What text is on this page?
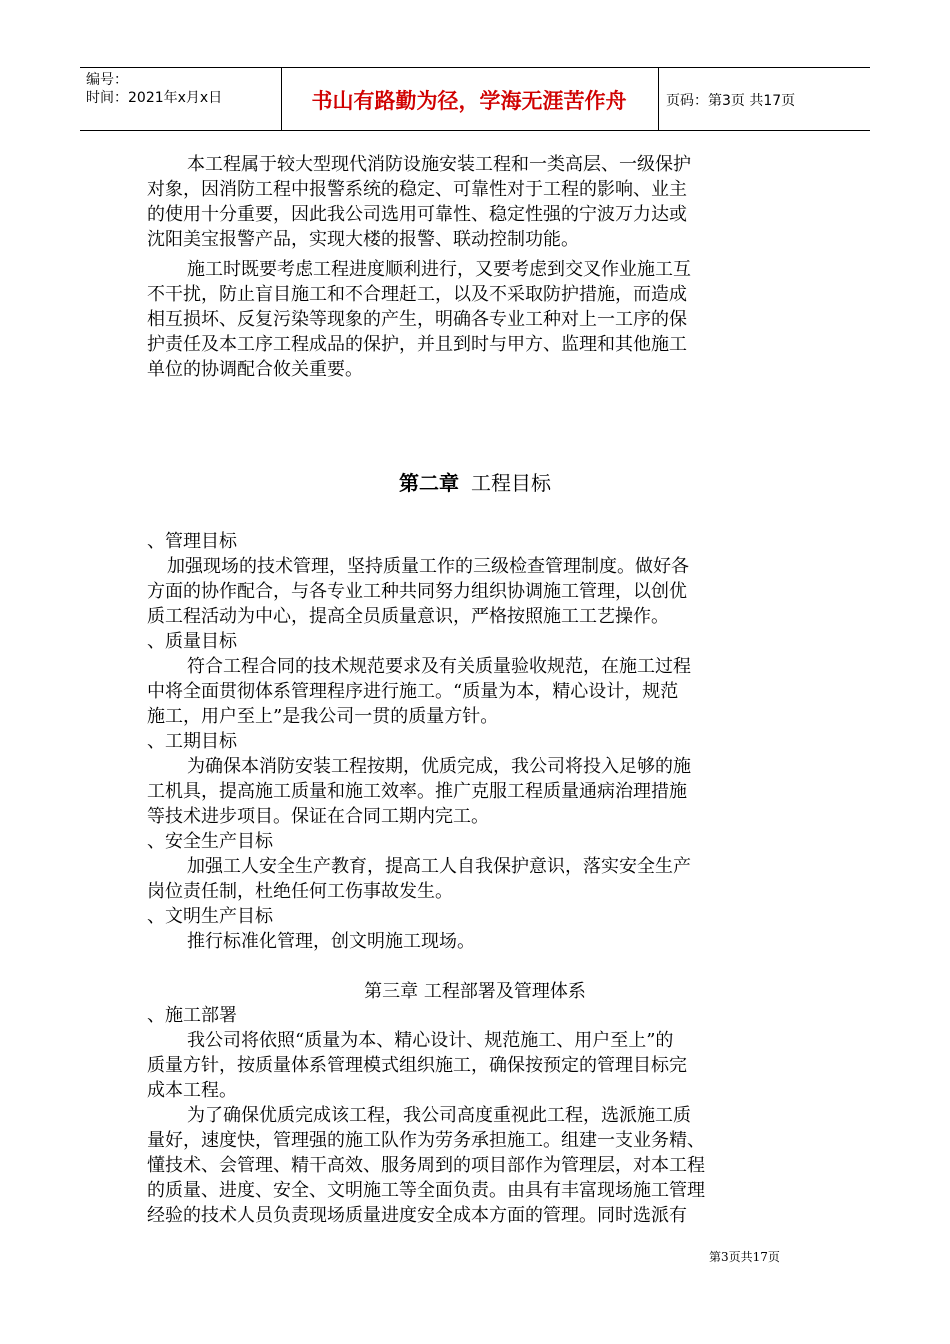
编号：
时间：2021年x月x日	书山有路勤为径，学海无涯苦作舟	页码：第3页 共17页
本工程属于较大型现代消防设施安装工程和一类高层、一级保护
对象，因消防工程中报警系统的稳定、可靠性对于工程的影响、业主
的使用十分重要，因此我公司选用可靠性、稳定性强的宁波万力达或
沈阳美宝报警产品，实现大楼的报警、联动控制功能。
施工时既要考虑工程进度顺利进行，又要考虑到交叉作业施工互
不干扰，防止盲目施工和不合理赶工，以及不采取防护措施，而造成
相互损坏、反复污染等现象的产生，明确各专业工种对上一工序的保
护责任及本工序工程成品的保护，并且到时与甲方、监理和其他施工
单位的协调配合攸关重要。
第二章 工程目标
、管理目标
加强现场的技术管理，坚持质量工作的三级检查管理制度。做好各
方面的协作配合，与各专业工种共同努力组织协调施工管理，以创优
质工程活动为中心，提高全员质量意识，严格按照施工工艺操作。
、质量目标
符合工程合同的技术规范要求及有关质量验收规范，在施工过程
中将全面贯彻体系管理程序进行施工。“质量为本，精心设计，规范
施工，用户至上”是我公司一贯的质量方针。
、工期目标
为确保本消防安装工程按期，优质完成，我公司将投入足够的施
工机具，提高施工质量和施工效率。推广克服工程质量通病治理措施
等技术进步项目。保证在合同工期内完工。
、安全生产目标
加强工人安全生产教育，提高工人自我保护意识，落实安全生产
岗位责任制，杜绝任何工伤事故发生。
、文明生产目标
推行标准化管理，创文明施工现场。
第三章 工程部署及管理体系
、施工部署
我公司将依照“质量为本、精心设计、规范施工、用户至上”的
质量方针，按质量体系管理模式组织施工，确保按预定的管理目标完
成本工程。
为了确保优质完成该工程，我公司高度重视此工程，选派施工质
量好，速度快，管理强的施工队作为劳务承担施工。组建一支业务精、
懂技术、会管理、精干高效、服务周到的项目部作为管理层，对本工程
的质量、进度、安全、文明施工等全面负责。由具有丰富现场施工管理
经验的技术人员负责现场质量进度安全成本方面的管理。同时选派有
第3页共17页
